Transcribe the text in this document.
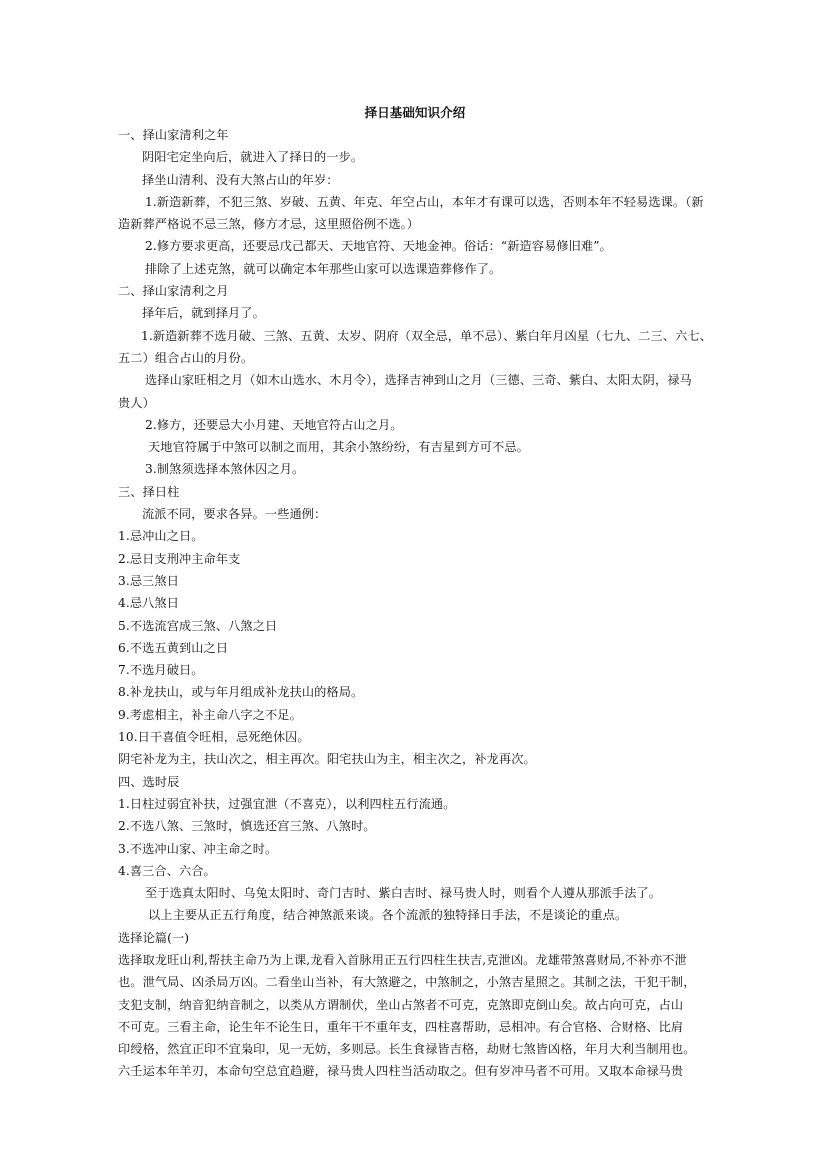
择日基础知识介绍
一、择山家清利之年
阴阳宅定坐向后，就进入了择日的一步。
择坐山清利、没有大煞占山的年岁：
1.新造新葬，不犯三煞、岁破、五黄、年克、年空占山，本年才有课可以选，否则本年不轻易选课。（新
造新葬严格说不忌三煞，修方才忌，这里照俗例不选。）
2.修方要求更高，还要忌戊己都天、天地官符、天地金神。俗话：“新造容易修旧难”。
排除了上述克煞，就可以确定本年那些山家可以选课造葬修作了。
二、择山家清利之月
择年后，就到择月了。
1.新造新葬不选月破、三煞、五黄、太岁、阴府（双全忌，单不忌）、紫白年月凶星（七九、二三、六七、
五二）组合占山的月份。
选择山家旺相之月（如木山选水、木月令），选择吉神到山之月（三德、三奇、紫白、太阳太阴，禄马
贵人）
2.修方，还要忌大小月建、天地官符占山之月。
天地官符属于中煞可以制之而用，其余小煞纷纷，有吉星到方可不忌。
3.制煞须选择本煞休囚之月。
三、择日柱
流派不同，要求各异。一些通例：
1.忌冲山之日。
2.忌日支刑冲主命年支
3.忌三煞日
4.忌八煞日
5.不选流宫成三煞、八煞之日
6.不选五黄到山之日
7.不选月破日。
8.补龙扶山，或与年月组成补龙扶山的格局。
9.考虑相主，补主命八字之不足。
10.日干喜值令旺相，忌死绝休囚。
阴宅补龙为主，扶山次之，相主再次。阳宅扶山为主，相主次之，补龙再次。
四、选时辰
1.日柱过弱宜补扶，过强宜泄（不喜克），以利四柱五行流通。
2.不选八煞、三煞时，慎选还宫三煞、八煞时。
3.不选冲山家、冲主命之时。
4.喜三合、六合。
至于选真太阳时、乌兔太阳时、奇门吉时、紫白吉时、禄马贵人时，则看个人遵从那派手法了。
以上主要从正五行角度，结合神煞派来谈。各个流派的独特择日手法，不是谈论的重点。
选择论篇(一)
选择取龙旺山利,帮扶主命乃为上课,龙看入首脉用正五行四柱生扶吉,克泄凶。龙雄带煞喜财局,不补亦不泄
也。泄气局、凶杀局万凶。二看坐山当补，有大煞避之，中煞制之，小煞吉星照之。其制之法，干犯干制，
支犯支制，纳音犯纳音制之，以类从方谓制伏，坐山占煞者不可克，克煞即克倒山矣。故占向可克，占山
不可克。三看主命，论生年不论生日，重年干不重年支，四柱喜帮助，忌相冲。有合官格、合财格、比肩
印绶格，然宜正印不宜枭印，见一无妨，多则忌。长生食禄皆吉格，劫财七煞皆凶格，年月大利当制用也。
六壬运本年羊刃，本命句空总宜趋避，禄马贵人四柱当活动取之。但有岁冲马者不可用。又取本命禄马贵
